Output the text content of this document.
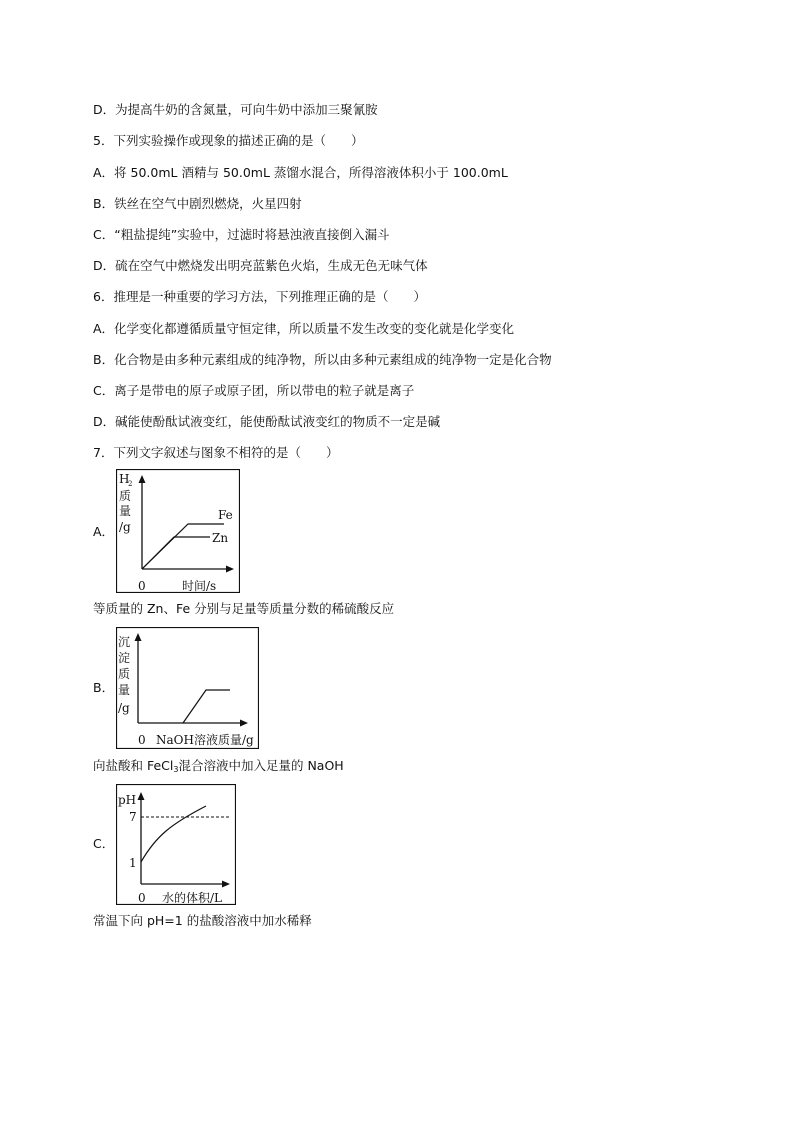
D．为提高牛奶的含氮量，可向牛奶中添加三聚氰胺
5．下列实验操作或现象的描述正确的是（　　）
A．将 50.0mL 酒精与 50.0mL 蒸馏水混合，所得溶液体积小于 100.0mL
B．铁丝在空气中剧烈燃烧，火星四射
C．“粗盐提纯”实验中，过滤时将悬浊液直接倒入漏斗
D．硫在空气中燃烧发出明亮蓝紫色火焰，生成无色无味气体
6．推理是一种重要的学习方法，下列推理正确的是（　　）
A．化学变化都遵循质量守恒定律，所以质量不发生改变的变化就是化学变化
B．化合物是由多种元素组成的纯净物，所以由多种元素组成的纯净物一定是化合物
C．离子是带电的原子或原子团，所以带电的粒子就是离子
D．碱能使酚酞试液变红，能使酚酞试液变红的物质不一定是碱
7．下列文字叙述与图象不相符的是（　　）
A．
H
2
质
量
/g
0	时间/s
Fe
Zn
等质量的 Zn、Fe 分别与足量等质量分数的稀硫酸反应
B．
沉
淀
质
量
/g
0 NaOH溶液质量/g
向盐酸和 FeCl$_3$混合溶液中加入足量的 NaOH
C．
pH
7
1
0 水的体积/L
常温下向 pH=1 的盐酸溶液中加水稀释
